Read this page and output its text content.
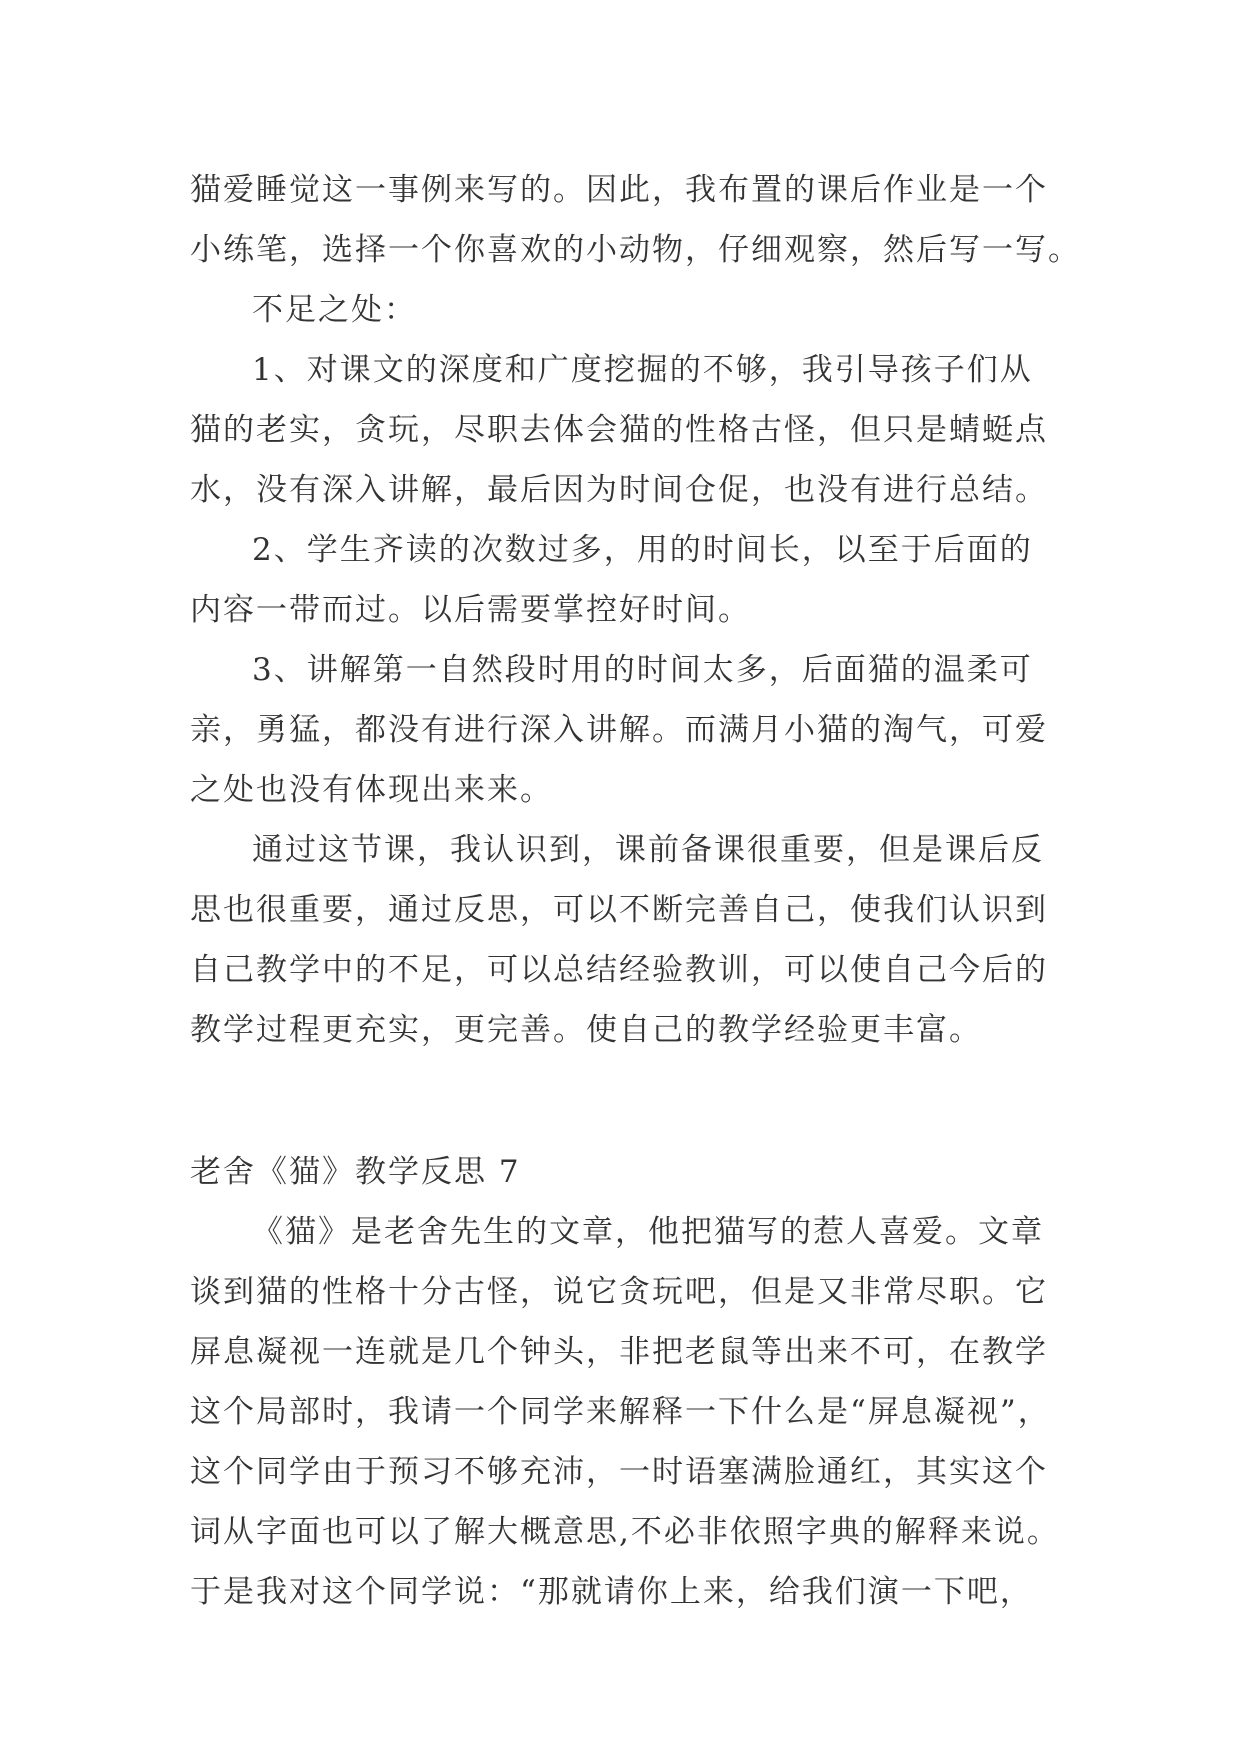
猫爱睡觉这一事例来写的。因此，我布置的课后作业是一个
小练笔，选择一个你喜欢的小动物，仔细观察，然后写一写。
不足之处：
1、对课文的深度和广度挖掘的不够，我引导孩子们从
猫的老实，贪玩，尽职去体会猫的性格古怪，但只是蜻蜓点
水，没有深入讲解，最后因为时间仓促，也没有进行总结。
2、学生齐读的次数过多，用的时间长，以至于后面的
内容一带而过。以后需要掌控好时间。
3、讲解第一自然段时用的时间太多，后面猫的温柔可
亲，勇猛，都没有进行深入讲解。而满月小猫的淘气，可爱
之处也没有体现出来来。
通过这节课，我认识到，课前备课很重要，但是课后反
思也很重要，通过反思，可以不断完善自己，使我们认识到
自己教学中的不足，可以总结经验教训，可以使自己今后的
教学过程更充实，更完善。使自己的教学经验更丰富。
老舍《猫》教学反思 7
《猫》是老舍先生的文章，他把猫写的惹人喜爱。文章
谈到猫的性格十分古怪，说它贪玩吧，但是又非常尽职。它
屏息凝视一连就是几个钟头，非把老鼠等出来不可，在教学
这个局部时，我请一个同学来解释一下什么是“屏息凝视”，
这个同学由于预习不够充沛，一时语塞满脸通红，其实这个
词从字面也可以了解大概意思,不必非依照字典的解释来说。
于是我对这个同学说：“那就请你上来，给我们演一下吧，
